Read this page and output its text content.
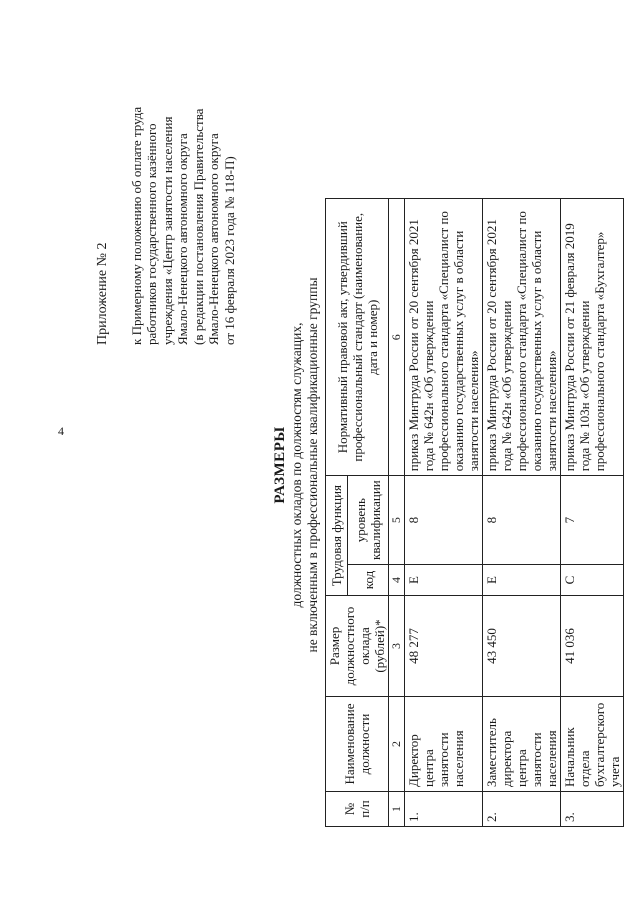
4
Приложение № 2 к Примерному положению об оплате труда работников государственного казённого учреждения «Центр занятости населения Ямало-Ненецкого автономного округа (в редакции постановления Правительства Ямало-Ненецкого автономного округа от 16 февраля 2023 года № 118-П)
РАЗМЕРЫ должностных окладов по должностям служащих, не включенным в профессиональные квалификационные группы
№ п/п	Наименование должности	Размер должностного оклада (рублей)*	Трудовая функция		Нормативный правовой акт, утвердивший профессиональный стандарт (наименование, дата и номер)
			код	уровень квалификации	
1	2	3	4	5	6
1.	Директор центра занятости населения	48 277	E	8	приказ Минтруда России от 20 сентября 2021 года № 642н «Об утверждении профессионального стандарта «Специалист по оказанию государственных услуг в области занятости населения»
2.	Заместитель директора центра занятости населения	43 450	E	8	приказ Минтруда России от 20 сентября 2021 года № 642н «Об утверждении профессионального стандарта «Специалист по оказанию государственных услуг в области занятости населения»
3.	Начальник отдела бухгалтерского учета	41 036	C	7	приказ Минтруда России от 21 февраля 2019 года № 103н «Об утверждении профессионального стандарта «Бухгалтер»
